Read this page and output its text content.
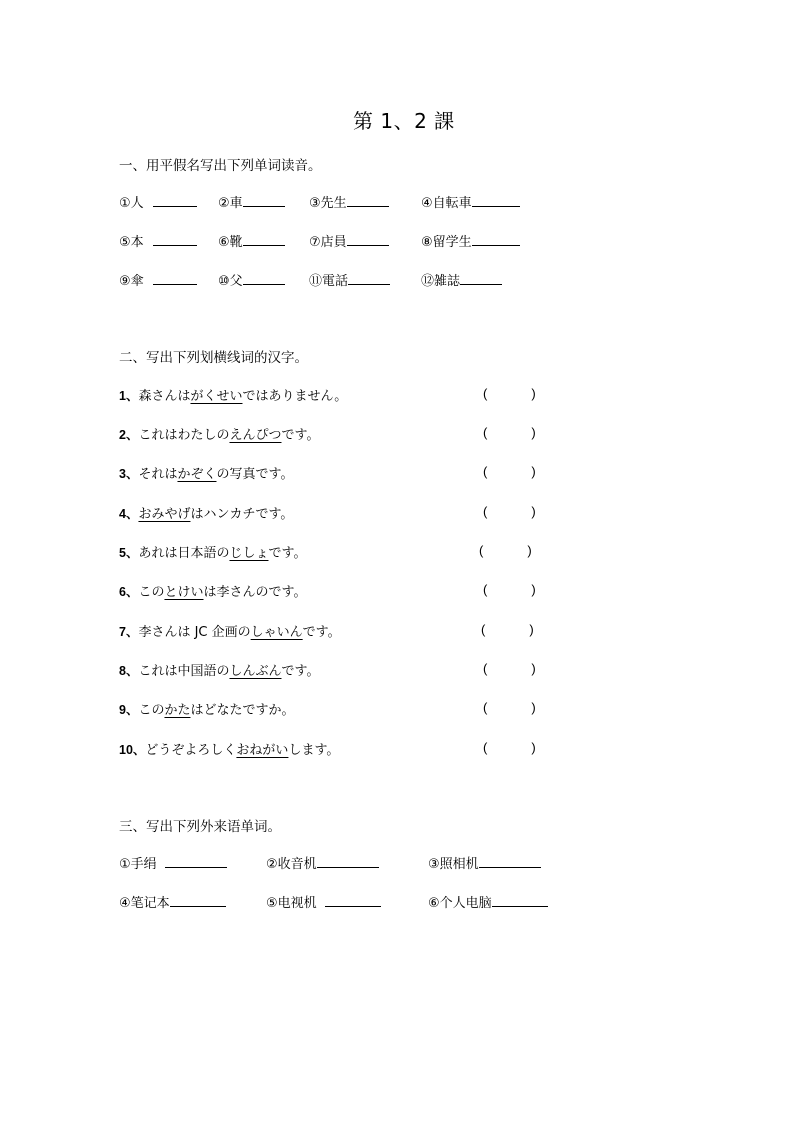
第 1、2 課
一、用平假名写出下列单词读音。
①人	②車	③先生	④自転車
⑤本	⑥靴	⑦店員	⑧留学生
⑨傘	⑩父	⑪電話	⑫雑誌
二、写出下列划横线词的汉字。
1、森さんはがくせいではありません。	(	)
2、これはわたしのえんぴつです。	(	)
3、それはかぞくの写真です。	(	)
4、おみやげはハンカチです。	(	)
5、あれは日本語のじしょです。	(	)
6、このとけいは李さんのです。	(	)
7、李さんは JC 企画のしゃいんです。	(	)
8、これは中国語のしんぶんです。	(	)
9、このかたはどなたですか。	(	)
10、どうぞよろしくおねがいします。	(	)
三、写出下列外来语单词。
①手绢	②收音机	③照相机
④笔记本	⑤电视机	⑥个人电脑
